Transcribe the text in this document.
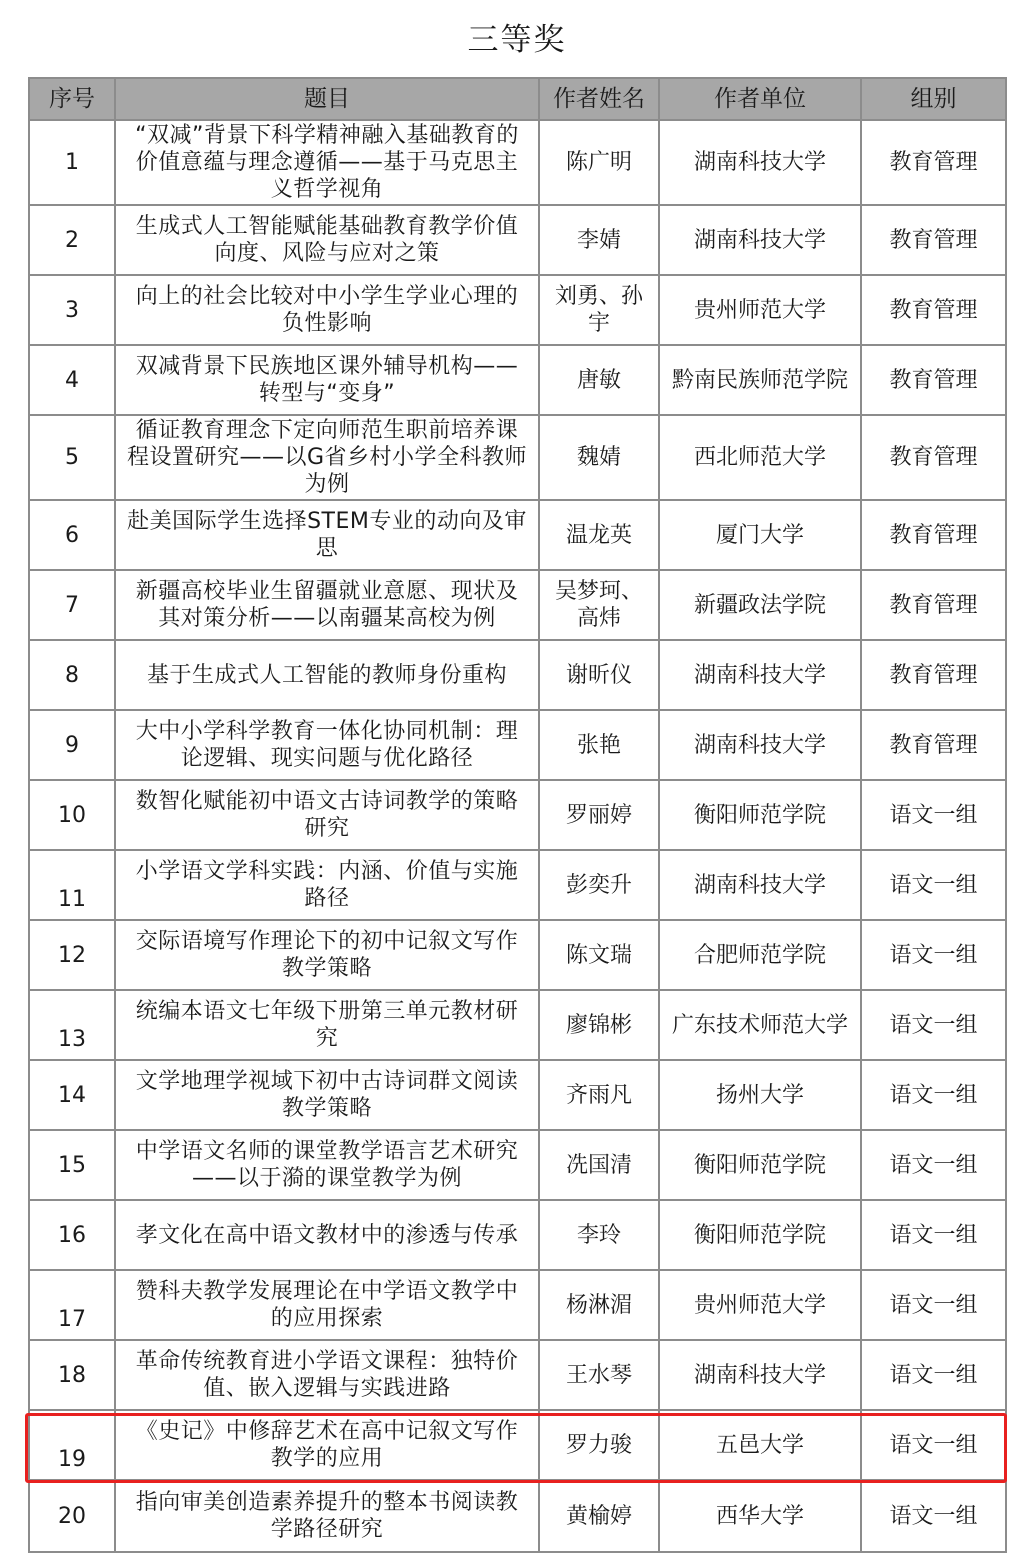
三等奖
序号	题目	作者姓名	作者单位	组别
1	“双减”背景下科学精神融入基础教育的价值意蕴与理念遵循——基于马克思主义哲学视角	陈广明	湖南科技大学	教育管理
2	生成式人工智能赋能基础教育教学价值向度、风险与应对之策	李婧	湖南科技大学	教育管理
3	向上的社会比较对中小学生学业心理的负性影响	刘勇、孙宇	贵州师范大学	教育管理
4	双减背景下民族地区课外辅导机构——转型与“变身”	唐敏	黔南民族师范学院	教育管理
5	循证教育理念下定向师范生职前培养课程设置研究——以G省乡村小学全科教师为例	魏婧	西北师范大学	教育管理
6	赴美国际学生选择STEM专业的动向及审思	温龙英	厦门大学	教育管理
7	新疆高校毕业生留疆就业意愿、现状及其对策分析——以南疆某高校为例	吴梦珂、高炜	新疆政法学院	教育管理
8	基于生成式人工智能的教师身份重构	谢昕仪	湖南科技大学	教育管理
9	大中小学科学教育一体化协同机制：理论逻辑、现实问题与优化路径	张艳	湖南科技大学	教育管理
10	数智化赋能初中语文古诗词教学的策略研究	罗丽婷	衡阳师范学院	语文一组
11	小学语文学科实践：内涵、价值与实施路径	彭奕升	湖南科技大学	语文一组
12	交际语境写作理论下的初中记叙文写作教学策略	陈文瑞	合肥师范学院	语文一组
13	统编本语文七年级下册第三单元教材研究	廖锦彬	广东技术师范大学	语文一组
14	文学地理学视域下初中古诗词群文阅读教学策略	齐雨凡	扬州大学	语文一组
15	中学语文名师的课堂教学语言艺术研究——以于漪的课堂教学为例	冼国清	衡阳师范学院	语文一组
16	孝文化在高中语文教材中的渗透与传承	李玲	衡阳师范学院	语文一组
17	赞科夫教学发展理论在中学语文教学中的应用探索	杨淋湄	贵州师范大学	语文一组
18	革命传统教育进小学语文课程：独特价值、嵌入逻辑与实践进路	王水琴	湖南科技大学	语文一组
19	《史记》中修辞艺术在高中记叙文写作教学的应用	罗力骏	五邑大学	语文一组
20	指向审美创造素养提升的整本书阅读教学路径研究	黄榆婷	西华大学	语文一组
